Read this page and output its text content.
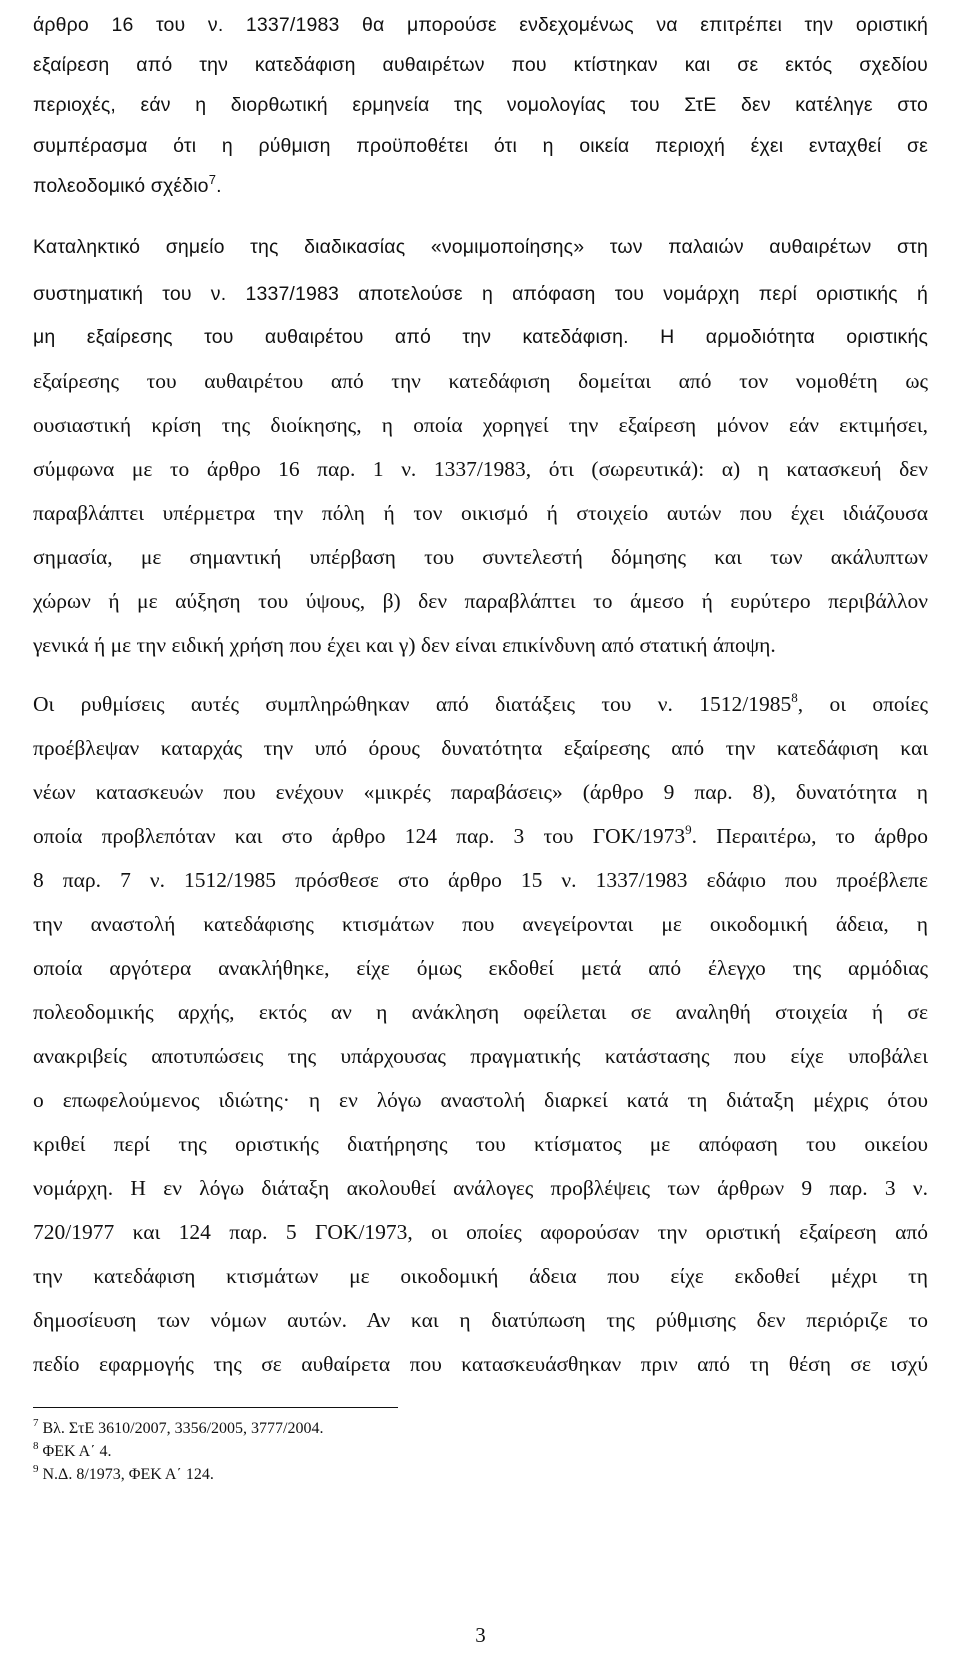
άρθρο 16 του ν. 1337/1983 θα μπορούσε ενδεχομένως να επιτρέπει την οριστική
εξαίρεση από την κατεδάφιση αυθαιρέτων που κτίστηκαν και σε εκτός σχεδίου
περιοχές, εάν η διορθωτική ερμηνεία της νομολογίας του ΣτΕ δεν κατέληγε στο
συμπέρασμα ότι η ρύθμιση προϋποθέτει ότι η οικεία περιοχή έχει ενταχθεί σε
πολεοδομικό σχέδιο$^7$.
Καταληκτικό σημείο της διαδικασίας «νομιμοποίησης» των παλαιών αυθαιρέτων στη
συστηματική του ν. 1337/1983 αποτελούσε η απόφαση του νομάρχη περί οριστικής ή
μη εξαίρεσης του αυθαιρέτου από την κατεδάφιση. Η αρμοδιότητα οριστικής
εξαίρεσης του αυθαιρέτου από την κατεδάφιση δομείται από τον νομοθέτη ως
ουσιαστική κρίση της διοίκησης, η οποία χορηγεί την εξαίρεση μόνον εάν εκτιμήσει,
σύμφωνα με το άρθρο 16 παρ. 1 ν. 1337/1983, ότι (σωρευτικά): α) η κατασκευή δεν
παραβλάπτει υπέρμετρα την πόλη ή τον οικισμό ή στοιχείο αυτών που έχει ιδιάζουσα
σημασία, με σημαντική υπέρβαση του συντελεστή δόμησης και των ακάλυπτων
χώρων ή με αύξηση του ύψους, β) δεν παραβλάπτει το άμεσο ή ευρύτερο περιβάλλον
γενικά ή με την ειδική χρήση που έχει και γ) δεν είναι επικίνδυνη από στατική άποψη.
Οι ρυθμίσεις αυτές συμπληρώθηκαν από διατάξεις του ν. 1512/1985$^8$, οι οποίες
προέβλεψαν καταρχάς την υπό όρους δυνατότητα εξαίρεσης από την κατεδάφιση και
νέων κατασκευών που ενέχουν «μικρές παραβάσεις» (άρθρο 9 παρ. 8), δυνατότητα η
οποία προβλεπόταν και στο άρθρο 124 παρ. 3 του ΓΟΚ/1973$^9$. Περαιτέρω, το άρθρο
8 παρ. 7 ν. 1512/1985 πρόσθεσε στο άρθρο 15 ν. 1337/1983 εδάφιο που προέβλεπε
την αναστολή κατεδάφισης κτισμάτων που ανεγείρονται με οικοδομική άδεια, η
οποία αργότερα ανακλήθηκε, είχε όμως εκδοθεί μετά από έλεγχο της αρμόδιας
πολεοδομικής αρχής, εκτός αν η ανάκληση οφείλεται σε αναληθή στοιχεία ή σε
ανακριβείς αποτυπώσεις της υπάρχουσας πραγματικής κατάστασης που είχε υποβάλει
ο επωφελούμενος ιδιώτης· η εν λόγω αναστολή διαρκεί κατά τη διάταξη μέχρις ότου
κριθεί περί της οριστικής διατήρησης του κτίσματος με απόφαση του οικείου
νομάρχη. Η εν λόγω διάταξη ακολουθεί ανάλογες προβλέψεις των άρθρων 9 παρ. 3 ν.
720/1977 και 124 παρ. 5 ΓΟΚ/1973, οι οποίες αφορούσαν την οριστική εξαίρεση από
την κατεδάφιση κτισμάτων με οικοδομική άδεια που είχε εκδοθεί μέχρι τη
δημοσίευση των νόμων αυτών. Αν και η διατύπωση της ρύθμισης δεν περιόριζε το
πεδίο εφαρμογής της σε αυθαίρετα που κατασκευάσθηκαν πριν από τη θέση σε ισχύ
$^7$ Βλ. ΣτΕ 3610/2007, 3356/2005, 3777/2004.
$^8$ ΦΕΚ Α΄ 4.
$^9$ Ν.Δ. 8/1973, ΦΕΚ Α΄ 124.
3
